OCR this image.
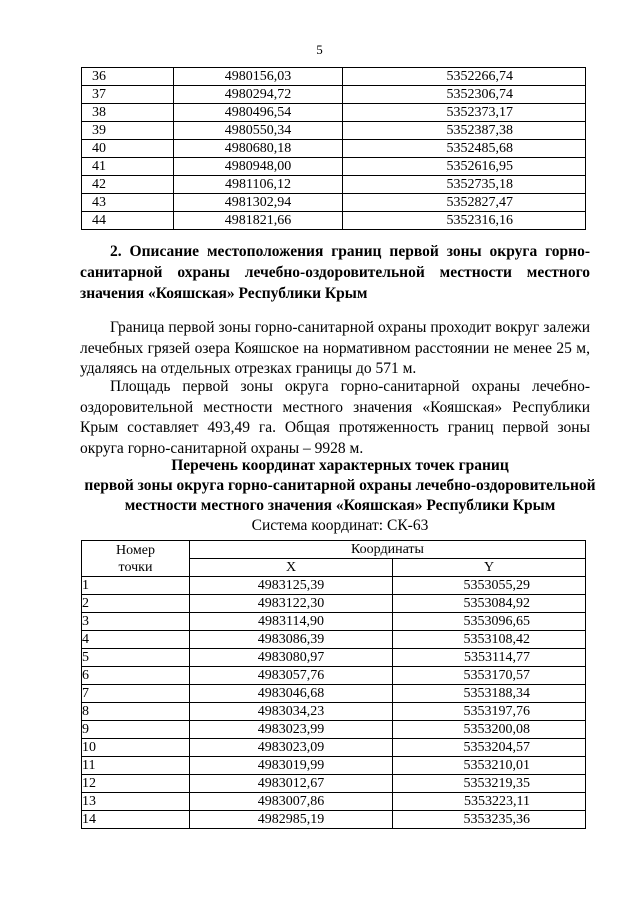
5
36	4980156,03	5352266,74
37	4980294,72	5352306,74
38	4980496,54	5352373,17
39	4980550,34	5352387,38
40	4980680,18	5352485,68
41	4980948,00	5352616,95
42	4981106,12	5352735,18
43	4981302,94	5352827,47
44	4981821,66	5352316,16
2. Описание местоположения границ первой зоны округа горно-санитарной охраны лечебно-оздоровительной местности местного значения «Кояшская» Республики Крым
Граница первой зоны горно-санитарной охраны проходит вокруг залежи лечебных грязей озера Кояшское на нормативном расстоянии не менее 25 м, удаляясь на отдельных отрезках границы до 571 м.
Площадь первой зоны округа горно-санитарной охраны лечебно-оздоровительной местности местного значения «Кояшская» Республики Крым составляет 493,49 га. Общая протяженность границ первой зоны округа горно-санитарной охраны – 9928 м.
Перечень координат характерных точек границ
первой зоны округа горно-санитарной охраны лечебно-оздоровительной
местности местного значения «Кояшская» Республики Крым
Система координат: СК-63
Номер
точки	Координаты	
	X	Y
1	4983125,39	5353055,29
2	4983122,30	5353084,92
3	4983114,90	5353096,65
4	4983086,39	5353108,42
5	4983080,97	5353114,77
6	4983057,76	5353170,57
7	4983046,68	5353188,34
8	4983034,23	5353197,76
9	4983023,99	5353200,08
10	4983023,09	5353204,57
11	4983019,99	5353210,01
12	4983012,67	5353219,35
13	4983007,86	5353223,11
14	4982985,19	5353235,36
